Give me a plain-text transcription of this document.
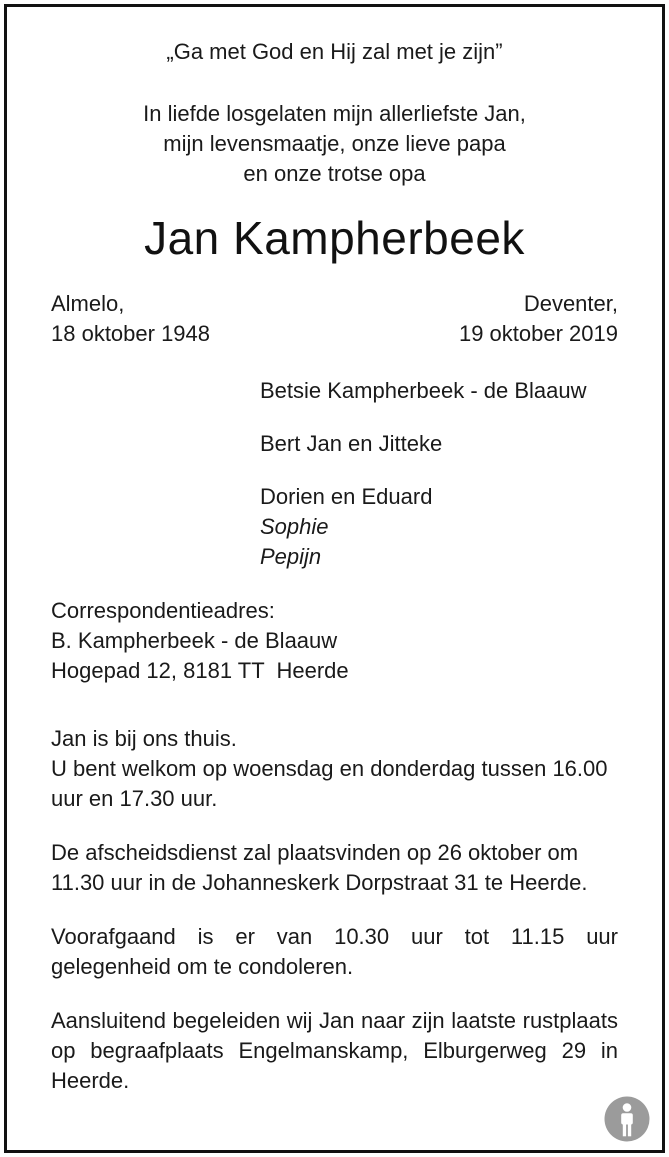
„Ga met God en Hij zal met je zijn”
In liefde losgelaten mijn allerliefste Jan,
mijn levensmaatje, onze lieve papa
en onze trotse opa
Jan Kampherbeek
Almelo,
18 oktober 1948
Deventer,
19 oktober 2019
Betsie Kampherbeek - de Blaauw
Bert Jan en Jitteke
Dorien en Eduard
Sophie
Pepijn
Correspondentieadres:
B. Kampherbeek - de Blaauw
Hogepad 12, 8181 TT  Heerde
Jan is bij ons thuis.
U bent welkom op woensdag en donderdag tussen 16.00 uur en 17.30 uur.
De afscheidsdienst zal plaatsvinden op 26 oktober om 11.30 uur in de Johanneskerk Dorpstraat 31 te Heerde.
Voorafgaand is er van 10.30 uur tot 11.15 uur gelegenheid om te condoleren.
Aansluitend begeleiden wij Jan naar zijn laatste rustplaats op begraafplaats Engelmanskamp, Elburgerweg 29 in Heerde.
